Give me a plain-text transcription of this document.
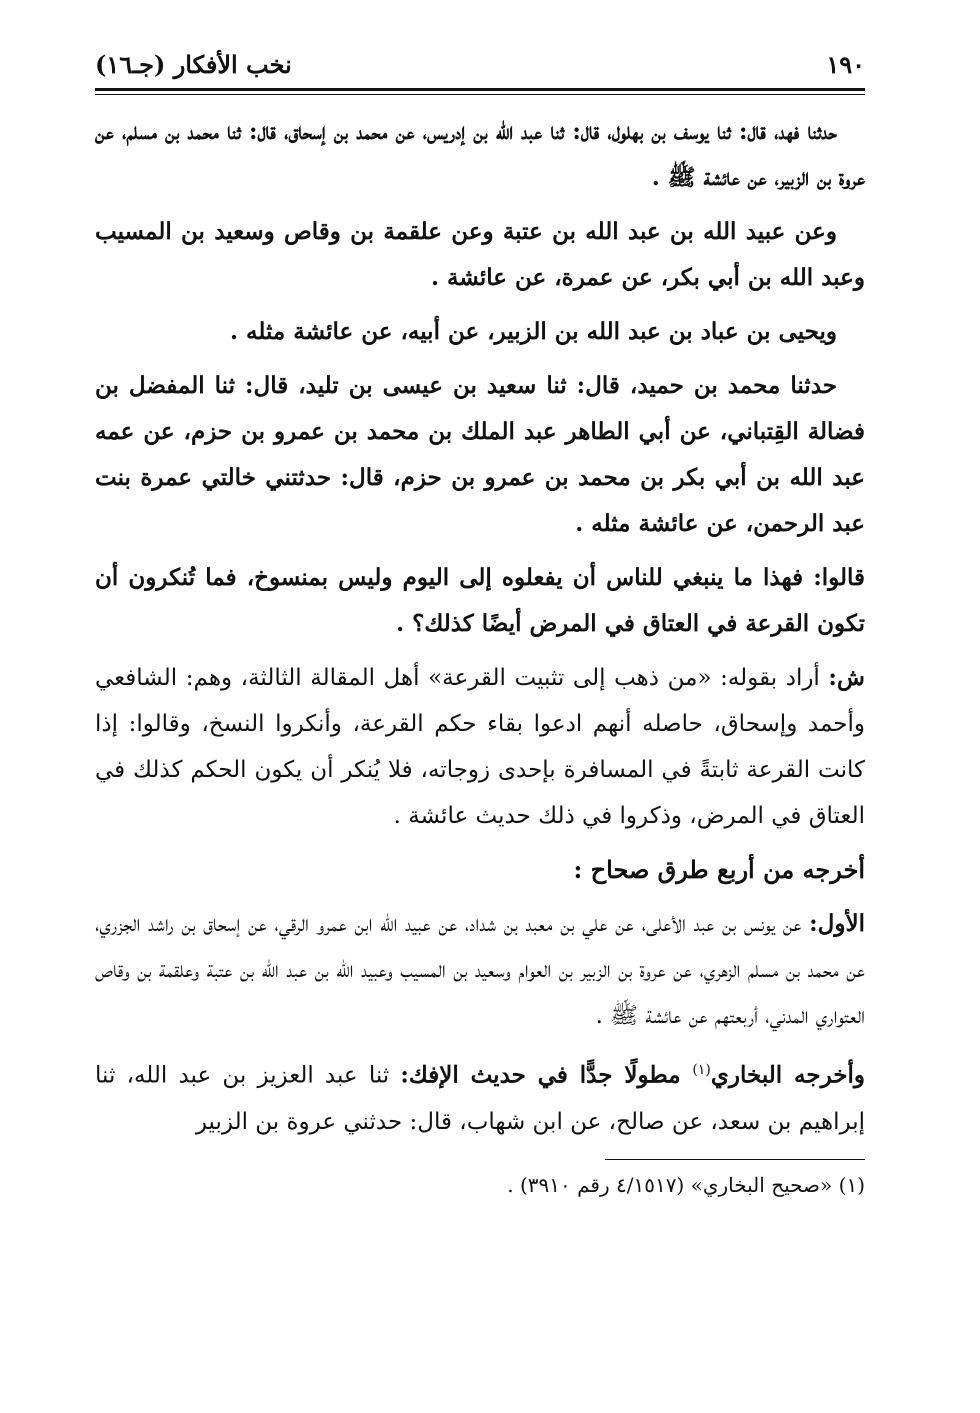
١٩٠
نخب الأفكار (جـ١٦)

حدثنا فهد، قال: ثنا يوسف بن بهلول، قال: ثنا عبد الله بن إدريس، عن محمد بن إسحاق، قال: ثنا محمد بن مسلم، عن عروة بن الزبير، عن عائشة ﷺ .

وعن عبيد الله بن عبد الله بن عتبة وعن علقمة بن وقاص وسعيد بن المسيب وعبد الله بن أبي بكر، عن عمرة، عن عائشة .

ويحيى بن عباد بن عبد الله بن الزبير، عن أبيه، عن عائشة مثله .

حدثنا محمد بن حميد، قال: ثنا سعيد بن عيسى بن تليد، قال: ثنا المفضل بن فضالة القِتباني، عن أبي الطاهر عبد الملك بن محمد بن عمرو بن حزم، عن عمه عبد الله بن أبي بكر بن محمد بن عمرو بن حزم، قال: حدثتني خالتي عمرة بنت عبد الرحمن، عن عائشة مثله .

قالوا: فهذا ما ينبغي للناس أن يفعلوه إلى اليوم وليس بمنسوخ، فما تُنكرون أن تكون القرعة في العتاق في المرض أيضًا كذلك؟ .

ش: أراد بقوله: «من ذهب إلى تثبيت القرعة» أهل المقالة الثالثة، وهم: الشافعي وأحمد وإسحاق، حاصله أنهم ادعوا بقاء حكم القرعة، وأنكروا النسخ، وقالوا: إذا كانت القرعة ثابتةً في المسافرة بإحدى زوجاته، فلا يُنكر أن يكون الحكم كذلك في العتاق في المرض، وذكروا في ذلك حديث عائشة .

أخرجه من أربع طرق صحاح :

الأول: عن يونس بن عبد الأعلى، عن علي بن معبد بن شداد، عن عبيد الله ابن عمرو الرقي، عن إسحاق بن راشد الجزري، عن محمد بن مسلم الزهري، عن عروة بن الزبير بن العوام وسعيد بن المسيب وعبيد الله بن عبد الله بن عتبة وعلقمة بن وقاص العتواري المدني، أربعتهم عن عائشة ﷺ .

وأخرجه البخاري$^{(١)}$ مطولًا جدًّا في حديث الإفك: ثنا عبد العزيز بن عبد الله، ثنا إبراهيم بن سعد، عن صالح، عن ابن شهاب، قال: حدثني عروة بن الزبير

(١) «صحيح البخاري» (٤/١٥١٧ رقم ٣٩١٠) .
